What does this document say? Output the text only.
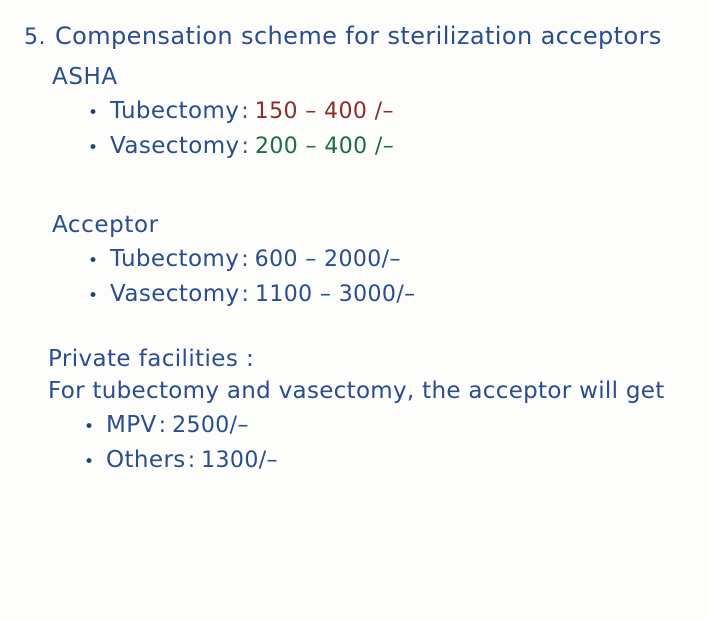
5. Compensation scheme for sterilization acceptors
ASHA
• Tubectomy : 150 – 400 /–
• Vasectomy : 200 – 400 /–
Acceptor
• Tubectomy : 600 – 2000/–
• Vasectomy : 1100 – 3000/–
Private facilities :
For tubectomy and vasectomy, the acceptor will get
• MPV : 2500/–
• Others : 1300/–
